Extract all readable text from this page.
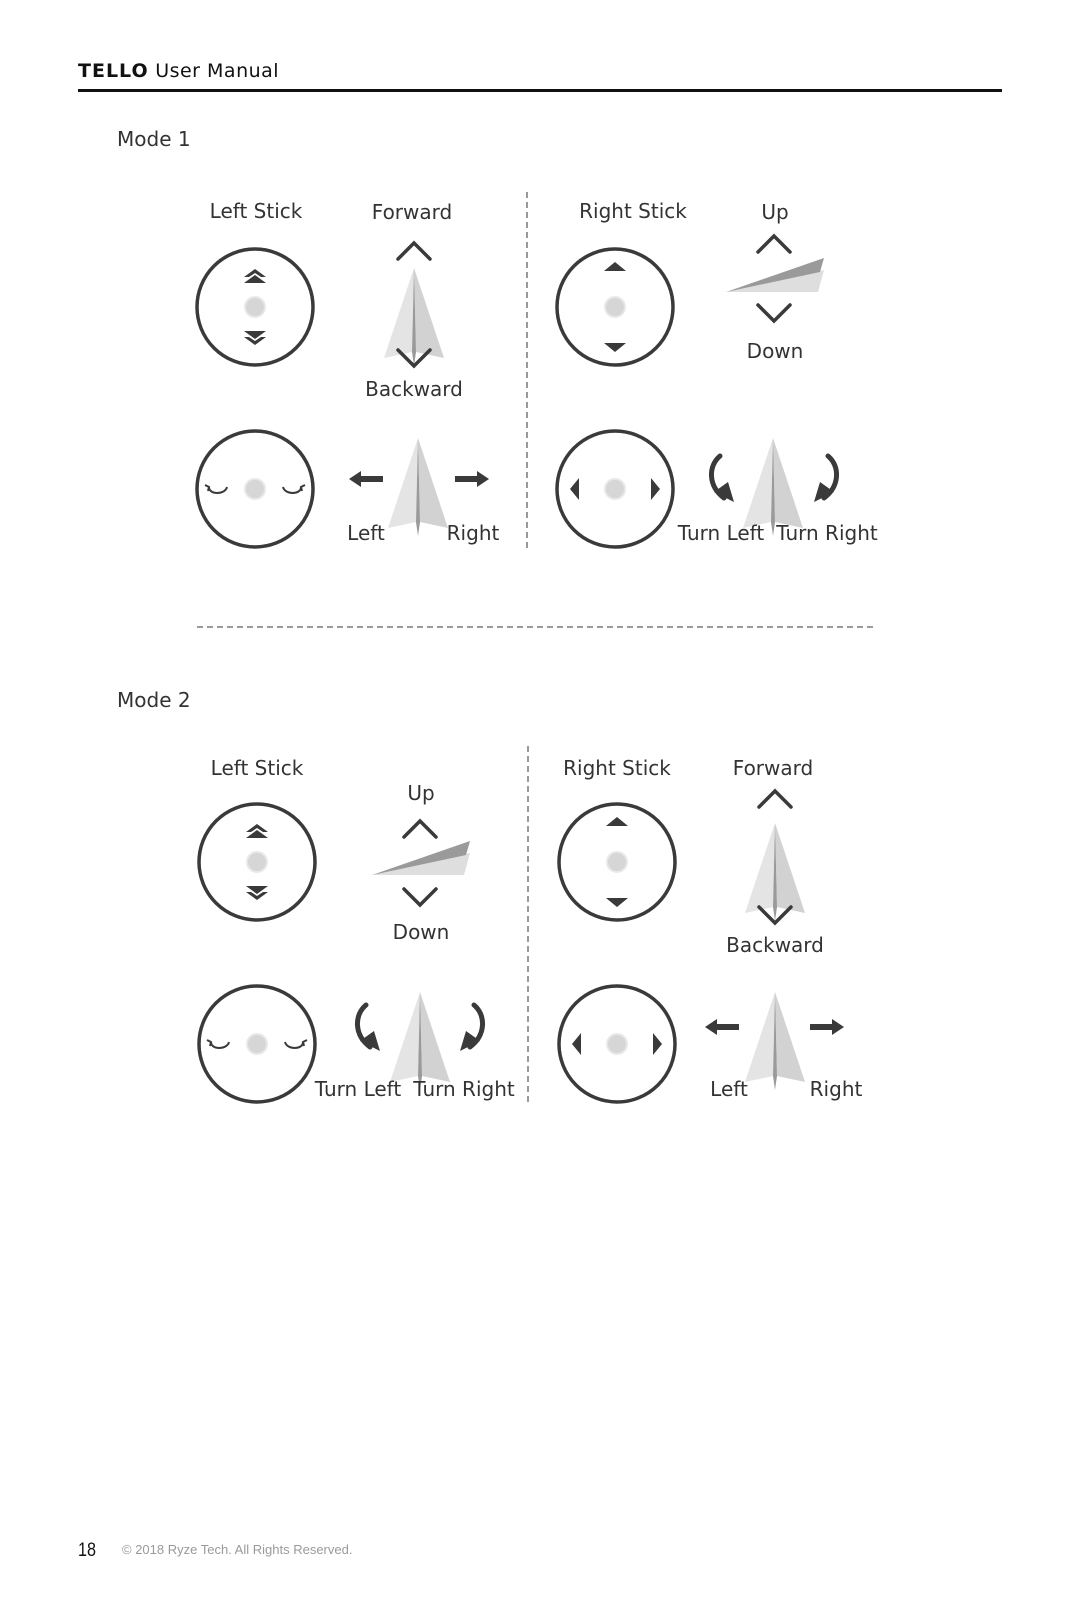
TELLO User Manual
Mode 1
Left Stick	Forward
Backward
Left	Right
Right Stick	Up
Down
Turn Left Turn Right
Mode 2
Left Stick
Up
Down
Turn Left Turn Right
Right Stick	Forward
Backward
Left	Right
18 © 2018 Ryze Tech. All Rights Reserved.
